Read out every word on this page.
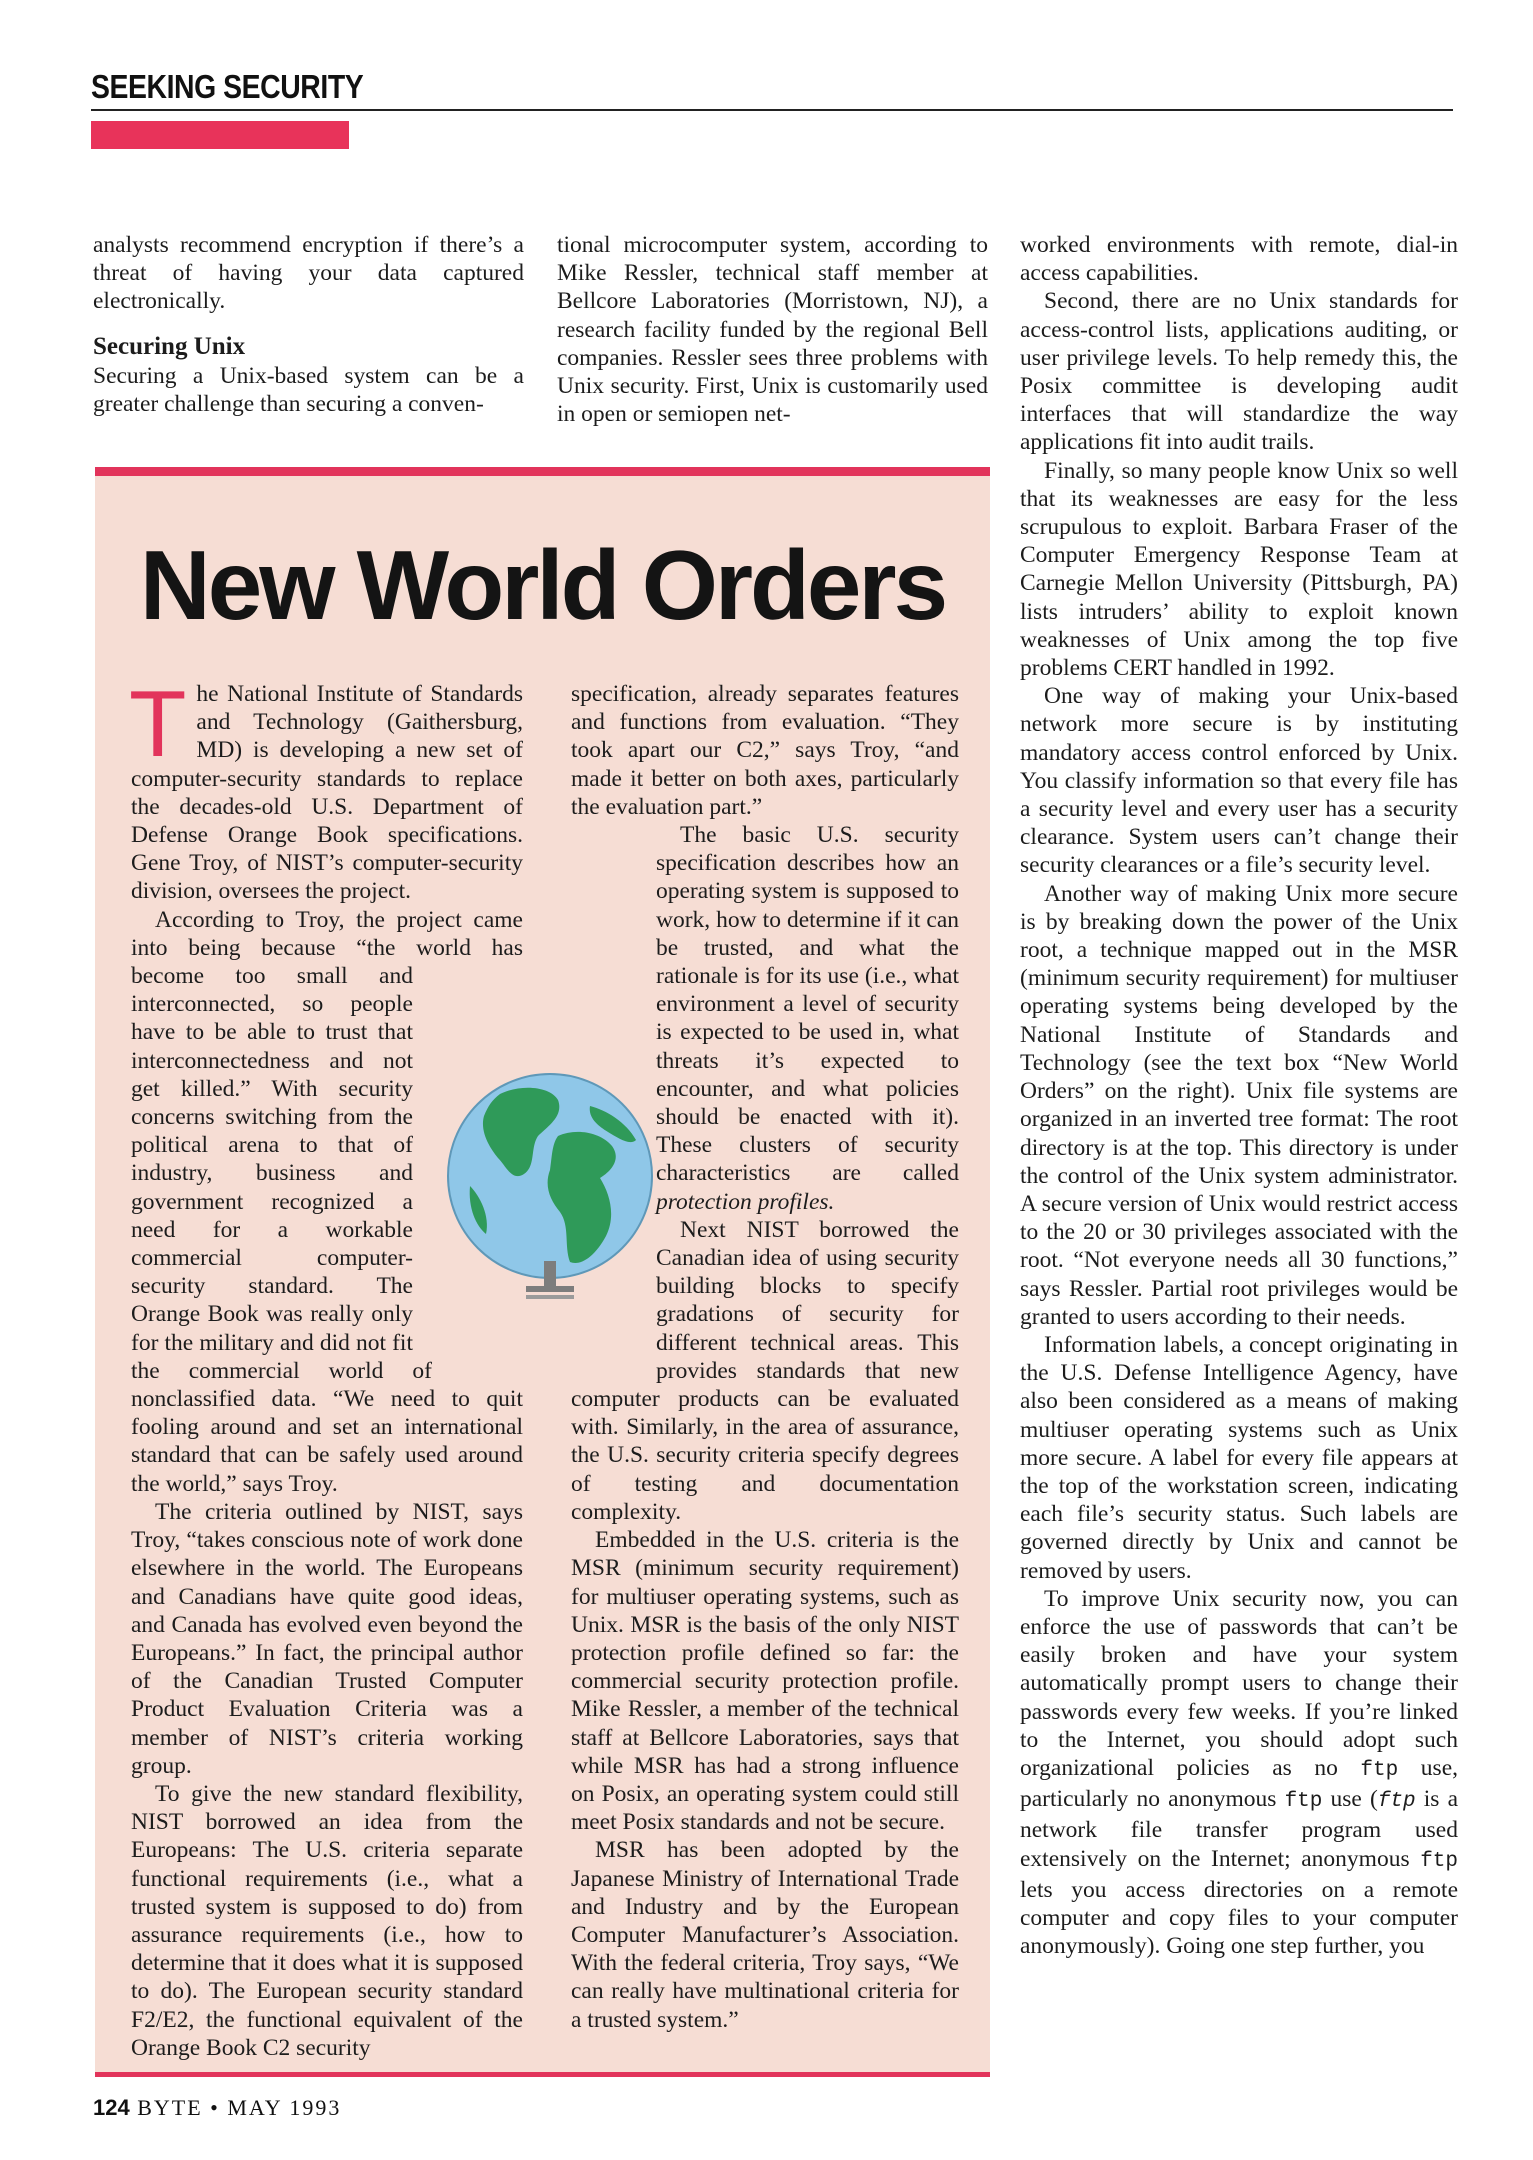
SEEKING SECURITY

analysts recommend encryption if there’s a threat of having your data captured electronically.

Securing Unix

Securing a Unix-based system can be a greater challenge than securing a conven-

tional microcomputer system, according to Mike Ressler, technical staff member at Bellcore Laboratories (Morristown, NJ), a research facility funded by the regional Bell companies. Ressler sees three problems with Unix security. First, Unix is customarily used in open or semiopen net-

worked environments with remote, dial-in access capabilities.

Second, there are no Unix standards for access-control lists, applications auditing, or user privilege levels. To help remedy this, the Posix committee is developing audit interfaces that will standardize the way applications fit into audit trails.

Finally, so many people know Unix so well that its weaknesses are easy for the less scrupulous to exploit. Barbara Fraser of the Computer Emergency Response Team at Carnegie Mellon University (Pittsburgh, PA) lists intruders’ ability to exploit known weaknesses of Unix among the top five problems CERT handled in 1992.

One way of making your Unix-based network more secure is by instituting mandatory access control enforced by Unix. You classify information so that every file has a security level and every user has a security clearance. System users can’t change their security clearances or a file’s security level.

Another way of making Unix more secure is by breaking down the power of the Unix root, a technique mapped out in the MSR (minimum security requirement) for multiuser operating systems being developed by the National Institute of Standards and Technology (see the text box “New World Orders” on the right). Unix file systems are organized in an inverted tree format: The root directory is at the top. This directory is under the control of the Unix system administrator. A secure version of Unix would restrict access to the 20 or 30 privileges associated with the root. “Not everyone needs all 30 functions,” says Ressler. Partial root privileges would be granted to users according to their needs.

Information labels, a concept originating in the U.S. Defense Intelligence Agency, have also been considered as a means of making multiuser operating systems such as Unix more secure. A label for every file appears at the top of the workstation screen, indicating each file’s security status. Such labels are governed directly by Unix and cannot be removed by users.

To improve Unix security now, you can enforce the use of passwords that can’t be easily broken and have your system automatically prompt users to change their passwords every few weeks. If you’re linked to the Internet, you should adopt such organizational policies as no ftp use, particularly no anonymous ftp use (ftp is a network file transfer program used extensively on the Internet; anonymous ftp lets you access directories on a remote computer and copy files to your computer anonymously). Going one step further, you

New World Orders

The National Institute of Standards and Technology (Gaithersburg, MD) is developing a new set of computer-security standards to replace the decades-old U.S. Department of Defense Orange Book specifications. Gene Troy, of NIST’s computer-security division, oversees the project.

According to Troy, the project came into being because “the world has become too small and interconnected, so people have to be able to trust that interconnectedness and not get killed.” With security concerns switching from the political arena to that of industry, business and government recognized a need for a workable commercial computer-security standard. The Orange Book was really only for the military and did not fit the commercial world of nonclassified data. “We need to quit fooling around and set an international standard that can be safely used around the world,” says Troy.

The criteria outlined by NIST, says Troy, “takes conscious note of work done elsewhere in the world. The Europeans and Canadians have quite good ideas, and Canada has evolved even beyond the Europeans.” In fact, the principal author of the Canadian Trusted Computer Product Evaluation Criteria was a member of NIST’s criteria working group.

To give the new standard flexibility, NIST borrowed an idea from the Europeans: The U.S. criteria separate functional requirements (i.e., what a trusted system is supposed to do) from assurance requirements (i.e., how to determine that it does what it is supposed to do). The European security standard F2/E2, the functional equivalent of the Orange Book C2 security

specification, already separates features and functions from evaluation. “They took apart our C2,” says Troy, “and made it better on both axes, particularly the evaluation part.”

The basic U.S. security specification describes how an operating system is supposed to work, how to determine if it can be trusted, and what the rationale is for its use (i.e., what environment a level of security is expected to be used in, what threats it’s expected to encounter, and what policies should be enacted with it). These clusters of security characteristics are called protection profiles.

Next NIST borrowed the Canadian idea of using security building blocks to specify gradations of security for different technical areas. This provides standards that new computer products can be evaluated with. Similarly, in the area of assurance, the U.S. security criteria specify degrees of testing and documentation complexity.

Embedded in the U.S. criteria is the MSR (minimum security requirement) for multiuser operating systems, such as Unix. MSR is the basis of the only NIST protection profile defined so far: the commercial security protection profile. Mike Ressler, a member of the technical staff at Bellcore Laboratories, says that while MSR has had a strong influence on Posix, an operating system could still meet Posix standards and not be secure.

MSR has been adopted by the Japanese Ministry of International Trade and Industry and by the European Computer Manufacturer’s Association. With the federal criteria, Troy says, “We can really have multinational criteria for a trusted system.”

124 BYTE • MAY 1993
